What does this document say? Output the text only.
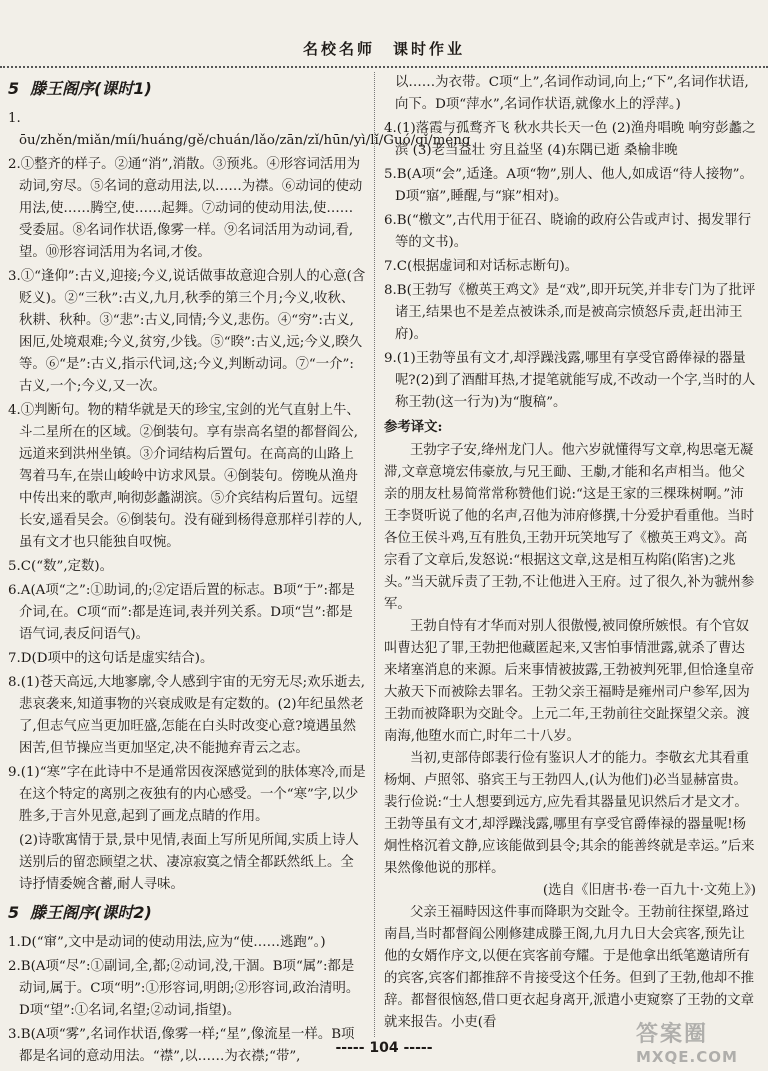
名校名师 课时作业
5 滕王阁序(课时1)

1. ōu/zhěn/miǎn/míi/huáng/gě/chuán/lǎo/zān/zǐ/hūn/yì/lǐ/Guó/qǐ/méng

2.①整齐的样子。②通“消”,消散。③预兆。④形容词活用为动词,穷尽。⑤名词的意动用法,以……为襟。⑥动词的使动用法,使……腾空,使……起舞。⑦动词的使动用法,使……受委屈。⑧名词作状语,像雾一样。⑨名词活用为动词,看,望。⑩形容词活用为名词,才俊。

3.①“逢仰”:古义,迎接;今义,说话做事故意迎合别人的心意(含贬义)。②“三秋”:古义,九月,秋季的第三个月;今义,收秋、秋耕、秋种。③“悲”:古义,同情;今义,悲伤。④“穷”:古义,困厄,处境艰难;今义,贫穷,少钱。⑤“睽”:古义,远;今义,睽久等。⑥“是”:古义,指示代词,这;今义,判断动词。⑦“一介”:古义,一个;今义,又一次。

4.①判断句。物的精华就是天的珍宝,宝剑的光气直射上牛、斗二星所在的区域。②倒装句。享有崇高名望的都督阎公,远道来到洪州坐镇。③介词结构后置句。在高高的山路上驾着马车,在崇山峻岭中访求风景。④倒装句。傍晚从渔舟中传出来的歌声,响彻彭蠡湖滨。⑤介宾结构后置句。远望长安,遥看吴会。⑥倒装句。没有碰到杨得意那样引荐的人,虽有文才也只能独自叹惋。

5.C(“数”,定数)。

6.A(A项“之”:①助词,的;②定语后置的标志。B项“于”:都是介词,在。C项“而”:都是连词,表并列关系。D项“岂”:都是语气词,表反问语气)。

7.D(D项中的这句话是虚实结合)。

8.(1)苍天高远,大地寥廓,令人感到宇宙的无穷无尽;欢乐逝去,悲哀袭来,知道事物的兴衰成败是有定数的。(2)年纪虽然老了,但志气应当更加旺盛,怎能在白头时改变心意?境遇虽然困苦,但节操应当更加坚定,决不能抛弃青云之志。

9.(1)“寒”字在此诗中不是通常因夜深感觉到的肤体寒冷,而是在这个特定的离别之夜独有的内心感受。一个“寒”字,以少胜多,于言外见意,起到了画龙点睛的作用。

(2)诗歌寓情于景,景中见情,表面上写所见所闻,实质上诗人送别后的留恋顾望之状、凄凉寂寞之情全都跃然纸上。全诗抒情委婉含蓄,耐人寻味。

5 滕王阁序(课时2)

1.D(“窜”,文中是动词的使动用法,应为“使……逃跑”。)

2.B(A项“尽”:①副词,全,都;②动词,没,干涸。B项“属”:都是动词,属于。C项“明”:①形容词,明朗;②形容词,政治清明。D项“望”:①名词,名望;②动词,指望)。

3.B(A项“雾”,名词作状语,像雾一样;“星”,像流星一样。B项都是名词的意动用法。“襟”,以……为衣襟;“带”,

以……为衣带。C项“上”,名词作动词,向上;“下”,名词作状语,向下。D项“萍水”,名词作状语,就像水上的浮萍。)

4.(1)落霞与孤鹜齐飞 秋水共长天一色 (2)渔舟唱晚 响穷彭蠡之滨 (3)老当益壮 穷且益坚 (4)东隅已逝 桑榆非晚

5.B(A项“会”,适逢。A项“物”,别人、他人,如成语“待人接物”。D项“寤”,睡醒,与“寐”相对)。

6.B(“檄文”,古代用于征召、晓谕的政府公告或声讨、揭发罪行等的文书)。

7.C(根据虚词和对话标志断句)。

8.B(王勃写《檄英王鸡文》是“戏”,即开玩笑,并非专门为了批评诸王,结果也不是差点被诛杀,而是被高宗愤怒斥责,赶出沛王府)。

9.(1)王勃等虽有文才,却浮躁浅露,哪里有享受官爵俸禄的器量呢?(2)到了酒酣耳热,才提笔就能写成,不改动一个字,当时的人称王勃(这一行为)为“腹稿”。

参考译文:

王勃字子安,绛州龙门人。他六岁就懂得写文章,构思毫无凝滞,文章意境宏伟豪放,与兄王勔、王勮,才能和名声相当。他父亲的朋友杜易简常常称赞他们说:“这是王家的三棵珠树啊。”沛王李贤听说了他的名声,召他为沛府修撰,十分爱护看重他。当时各位王侯斗鸡,互有胜负,王勃开玩笑地写了《檄英王鸡文》。高宗看了文章后,发怒说:“根据这文章,这是相互构陷(陷害)之兆头。”当天就斥责了王勃,不让他进入王府。过了很久,补为虢州参军。

王勃自恃有才华而对别人很傲慢,被同僚所嫉恨。有个官奴叫曹达犯了罪,王勃把他藏匿起来,又害怕事情泄露,就杀了曹达来堵塞消息的来源。后来事情被披露,王勃被判死罪,但恰逢皇帝大赦天下而被除去罪名。王勃父亲王福畤是雍州司户参军,因为王勃而被降职为交趾令。上元二年,王勃前往交趾探望父亲。渡南海,他堕水而亡,时年二十八岁。

当初,吏部侍郎裴行俭有鉴识人才的能力。李敬玄尤其看重杨炯、卢照邻、骆宾王与王勃四人,(认为他们)必当显赫富贵。裴行俭说:“士人想要到远方,应先看其器量见识然后才是文才。王勃等虽有文才,却浮躁浅露,哪里有享受官爵俸禄的器量呢!杨炯性格沉着文静,应该能做到县令;其余的能善终就是幸运。”后来果然像他说的那样。

(选自《旧唐书·卷一百九十·文苑上》)

父亲王福畤因这件事而降职为交趾令。王勃前往探望,路过南昌,当时都督阎公刚修建成滕王阁,九月九日大会宾客,预先让他的女婿作序文,以便在宾客前夸耀。于是他拿出纸笔邀请所有的宾客,宾客们都推辞不肯接受这个任务。但到了王勃,他却不推辞。都督很恼怒,借口更衣起身离开,派遣小吏窥察了王勃的文章就来报告。小吏(看

----- 104 -----
答案圈
MXQE.COM
